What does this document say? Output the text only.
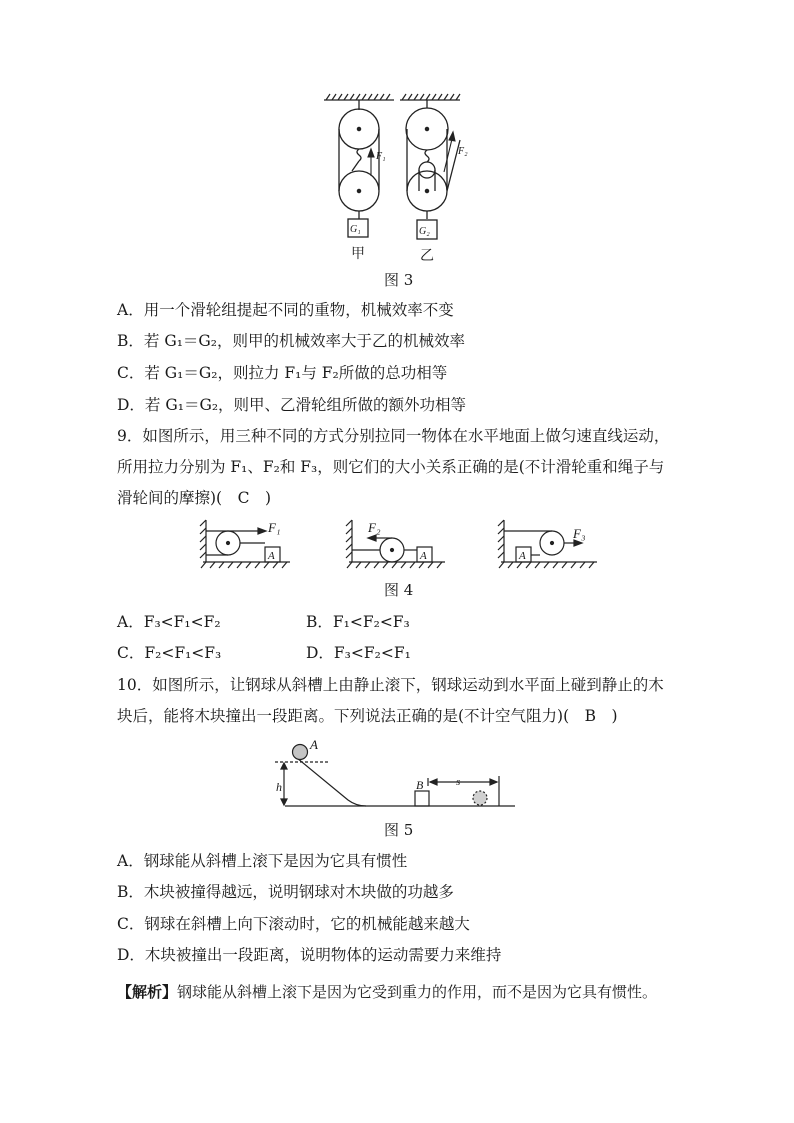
F₁
G₁
F₂
G₂
甲	乙
图 3
A．用一个滑轮组提起不同的重物，机械效率不变
B．若 G₁＝G₂，则甲的机械效率大于乙的机械效率
C．若 G₁＝G₂，则拉力 F₁与 F₂所做的总功相等
D．若 G₁＝G₂，则甲、乙滑轮组所做的额外功相等
9．如图所示，用三种不同的方式分别拉同一物体在水平地面上做匀速直线运动，
所用拉力分别为 F₁、F₂和 F₃，则它们的大小关系正确的是(不计滑轮重和绳子与
滑轮间的摩擦)(　C　)
F₁
A
F₂
A
F₃
A
图 4
A．F₃<F₁<F₂	B．F₁<F₂<F₃
C．F₂<F₁<F₃	D．F₃<F₂<F₁
10．如图所示，让钢球从斜槽上由静止滚下，钢球运动到水平面上碰到静止的木
块后，能将木块撞出一段距离。下列说法正确的是(不计空气阻力)(　B　)
A
h	B	s
图 5
A．钢球能从斜槽上滚下是因为它具有惯性
B．木块被撞得越远，说明钢球对木块做的功越多
C．钢球在斜槽上向下滚动时，它的机械能越来越大
D．木块被撞出一段距离，说明物体的运动需要力来维持
【解析】钢球能从斜槽上滚下是因为它受到重力的作用，而不是因为它具有惯性。
